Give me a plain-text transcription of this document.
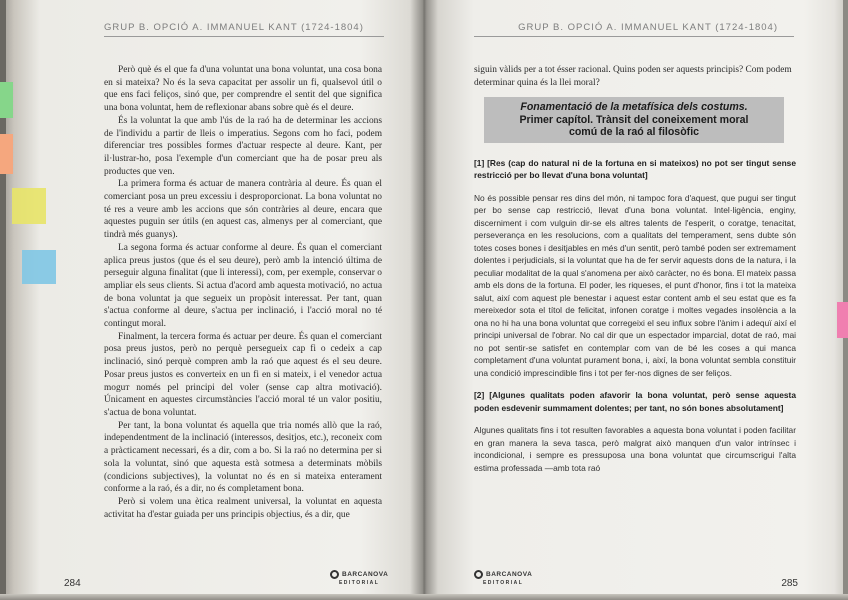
GRUP B. OPCIÓ A. IMMANUEL KANT (1724-1804)

Però què és el que fa d'una voluntat una bona voluntat, una cosa bona en si mateixa? No és la seva capacitat per assolir un fi, qualsevol útil o que ens faci feliços, sinó que, per comprendre el sentit del que significa una bona voluntat, hem de reflexionar abans sobre què és el deure.

És la voluntat la que amb l'ús de la raó ha de determinar les accions de l'individu a partir de lleis o imperatius. Segons com ho faci, podem diferenciar tres possibles formes d'actuar respecte al deure. Kant, per il·lustrar-ho, posa l'exemple d'un comerciant que ha de posar preu als productes que ven.

La primera forma és actuar de manera contrària al deure. És quan el comerciant posa un preu excessiu i desproporcionat. La bona voluntat no té res a veure amb les accions que són contràries al deure, encara que aquestes puguin ser útils (en aquest cas, almenys per al comerciant, que tindrà més guanys).

La segona forma és actuar conforme al deure. És quan el comerciant aplica preus justos (que és el seu deure), però amb la intenció última de perseguir alguna finalitat (que li interessi), com, per exemple, conservar o ampliar els seus clients. Si actua d'acord amb aquesta motivació, no actua de bona voluntat ja que segueix un propòsit interessat. Per tant, quan s'actua conforme al deure, s'actua per inclinació, i l'acció moral no té contingut moral.

Finalment, la tercera forma és actuar per deure. És quan el comerciant posa preus justos, però no perquè persegueix cap fi o cedeix a cap inclinació, sinó perquè compren amb la raó que aquest és el seu deure. Posar preus justos es converteix en un fi en si mateix, i el venedor actua moguт només pel principi del voler (sense cap altra motivació). Únicament en aquestes circumstàncies l'acció moral té un valor positiu, s'actua de bona voluntat.

Per tant, la bona voluntat és aquella que tria només allò que la raó, independentment de la inclinació (interessos, desitjos, etc.), reconeix com a pràcticament necessari, és a dir, com a bo. Si la raó no determina per si sola la voluntat, sinó que aquesta està sotmesa a determinats mòbils (condicions subjectives), la voluntat no és en si mateixa enterament conforme a la raó, és a dir, no és completament bona.

Però si volem una ètica realment universal, la voluntat en aquesta activitat ha d'estar guiada per uns principis objectius, és a dir, que

284
BARCANOVA
EDITORIAL
GRUP B. OPCIÓ A. IMMANUEL KANT (1724-1804)

siguin vàlids per a tot ésser racional. Quins poden ser aquests principis? Com podem determinar quina és la llei moral?

Fonamentació de la metafísica dels costums.
Primer capítol. Trànsit del coneixement moral
comú de la raó al filosòfic

[1] [Res (cap do natural ni de la fortuna en si mateixos) no pot ser tingut sense restricció per bo llevat d'una bona voluntat]

No és possible pensar res dins del món, ni tampoc fora d'aquest, que pugui ser tingut per bo sense cap restricció, llevat d'una bona voluntat. Intel·ligència, enginy, discerniment i com vulguin dir-se els altres talents de l'esperit, o coratge, tenacitat, perseverança en les resolucions, com a qualitats del temperament, sens dubte són totes coses bones i desitjables en més d'un sentit, però també poden ser extremament dolentes i perjudicials, si la voluntat que ha de fer servir aquests dons de la natura, i la peculiar modalitat de la qual s'anomena per això caràcter, no és bona. El mateix passa amb els dons de la fortuna. El poder, les riqueses, el punt d'honor, fins i tot la mateixa salut, així com aquest ple benestar i aquest estar content amb el seu estat que es fa mereixedor sota el títol de felicitat, infonen coratge i moltes vegades insolència a la ona no hi ha una bona voluntat que corregeixi el seu influx sobre l'ànim i adequï així el principi universal de l'obrar. No cal dir que un espectador imparcial, dotat de raó, mai no pot sentir-se satisfet en contemplar com van de bé les coses a qui manca completament d'una voluntat purament bona, i, així, la bona voluntat sembla constituir una condició imprescindible fins i tot per fer-nos dignes de ser feliços.

[2] [Algunes qualitats poden afavorir la bona voluntat, però sense aquesta poden esdevenir summament dolentes; per tant, no són bones absolutament]

Algunes qualitats fins i tot resulten favorables a aquesta bona voluntat i poden facilitar en gran manera la seva tasca, però malgrat això manquen d'un valor intrínsec i incondicional, i sempre es pressuposa una bona voluntat que circumscrigui l'alta estima professada —amb tota raó

285
BARCANOVA
EDITORIAL
